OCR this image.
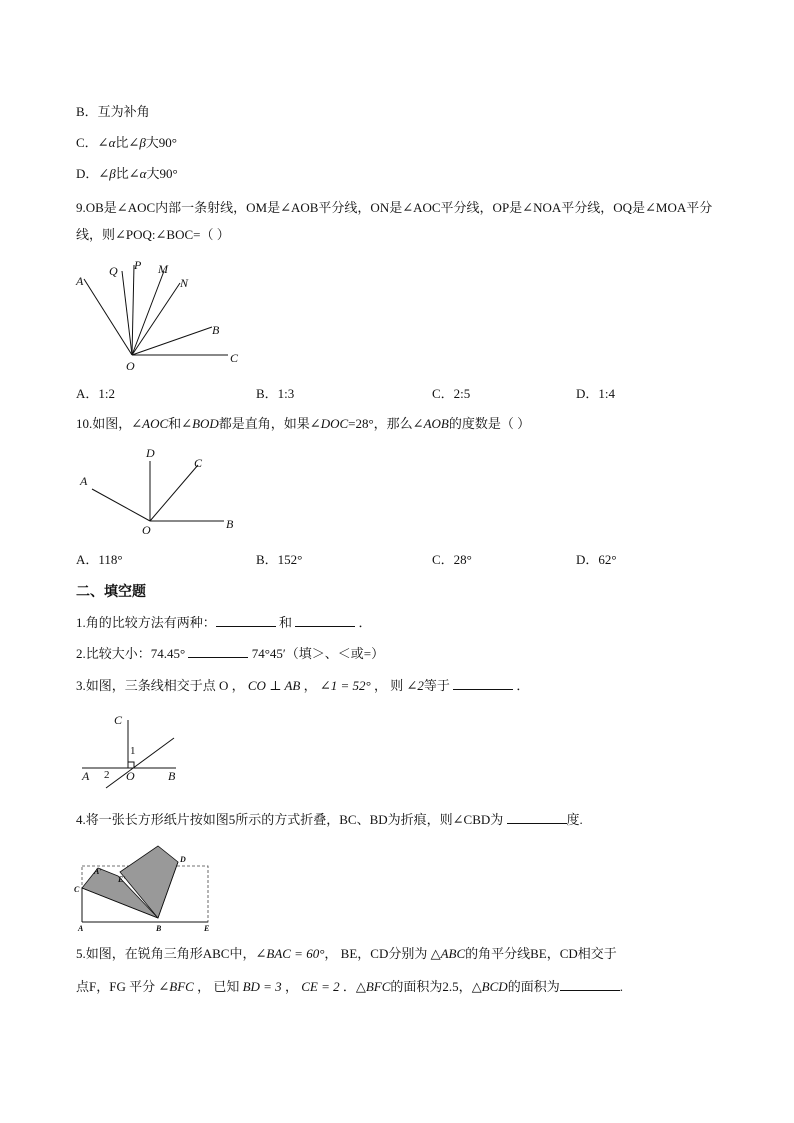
B．互为补角
C．∠α比∠β大90°
D．∠β比∠α大90°
9.OB是∠AOC内部一条射线，OM是∠AOB平分线，ON是∠AOC平分线，OP是∠NOA平分线，OQ是∠MOA平分线，则∠POQ:∠BOC=（ ）
A
Q P M
N
B
C
O
A．1:2	B．1:3	C．2:5	D．1:4
10.如图，∠AOC和∠BOD都是直角，如果∠DOC=28°，那么∠AOB的度数是（ ）
D
C
A
O	B
A．118°	B．152°	C．28°	D．62°
二、填空题
1.角的比较方法有两种：	和	．
2.比较大小：74.45°	74°45′（填＞、＜或=）
3.如图，三条线相交于点 O ， CO ⊥ AB ， ∠1 = 52° ， 则 ∠2等于	．
C
1
A 2 O	B
4.将一张长方形纸片按如图5所示的方式折叠，BC、BD为折痕，则∠CBD为	度.
D
A′
E′
C
A	B	E
5.如图，在锐角三角形ABC中，∠BAC = 60°， BE，CD分别为 △ABC的角平分线BE，CD相交于
点F，FG 平分 ∠BFC ， 已知 BD = 3 ， CE = 2 ．△BFC的面积为2.5，△BCD的面积为	.
